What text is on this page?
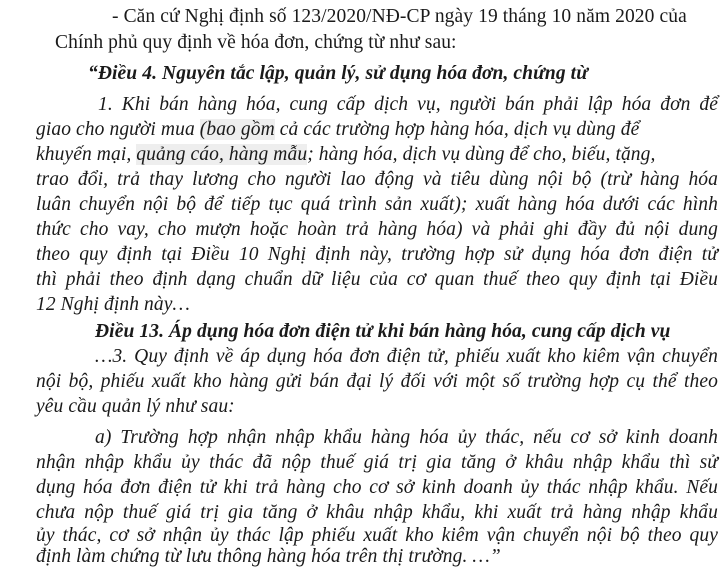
- Căn cứ Nghị định số 123/2020/NĐ-CP ngày 19 tháng 10 năm 2020 của
Chính phủ quy định về hóa đơn, chứng từ như sau:
“Điều 4. Nguyên tắc lập, quản lý, sử dụng hóa đơn, chứng từ
1. Khi bán hàng hóa, cung cấp dịch vụ, người bán phải lập hóa đơn để
giao cho người mua (bao gồm cả các trường hợp hàng hóa, dịch vụ dùng để
khuyến mại, quảng cáo, hàng mẫu; hàng hóa, dịch vụ dùng để cho, biếu, tặng,
trao đổi, trả thay lương cho người lao động và tiêu dùng nội bộ (trừ hàng hóa
luân chuyển nội bộ để tiếp tục quá trình sản xuất); xuất hàng hóa dưới các hình
thức cho vay, cho mượn hoặc hoàn trả hàng hóa) và phải ghi đầy đủ nội dung
theo quy định tại Điều 10 Nghị định này, trường hợp sử dụng hóa đơn điện tử
thì phải theo định dạng chuẩn dữ liệu của cơ quan thuế theo quy định tại Điều
12 Nghị định này…
Điều 13. Áp dụng hóa đơn điện tử khi bán hàng hóa, cung cấp dịch vụ
…3. Quy định về áp dụng hóa đơn điện tử, phiếu xuất kho kiêm vận chuyển
nội bộ, phiếu xuất kho hàng gửi bán đại lý đối với một số trường hợp cụ thể theo
yêu cầu quản lý như sau:
a) Trường hợp nhận nhập khẩu hàng hóa ủy thác, nếu cơ sở kinh doanh
nhận nhập khẩu ủy thác đã nộp thuế giá trị gia tăng ở khâu nhập khẩu thì sử
dụng hóa đơn điện tử khi trả hàng cho cơ sở kinh doanh ủy thác nhập khẩu. Nếu
chưa nộp thuế giá trị gia tăng ở khâu nhập khẩu, khi xuất trả hàng nhập khẩu
ủy thác, cơ sở nhận ủy thác lập phiếu xuất kho kiêm vận chuyển nội bộ theo quy
định làm chứng từ lưu thông hàng hóa trên thị trường. …”
